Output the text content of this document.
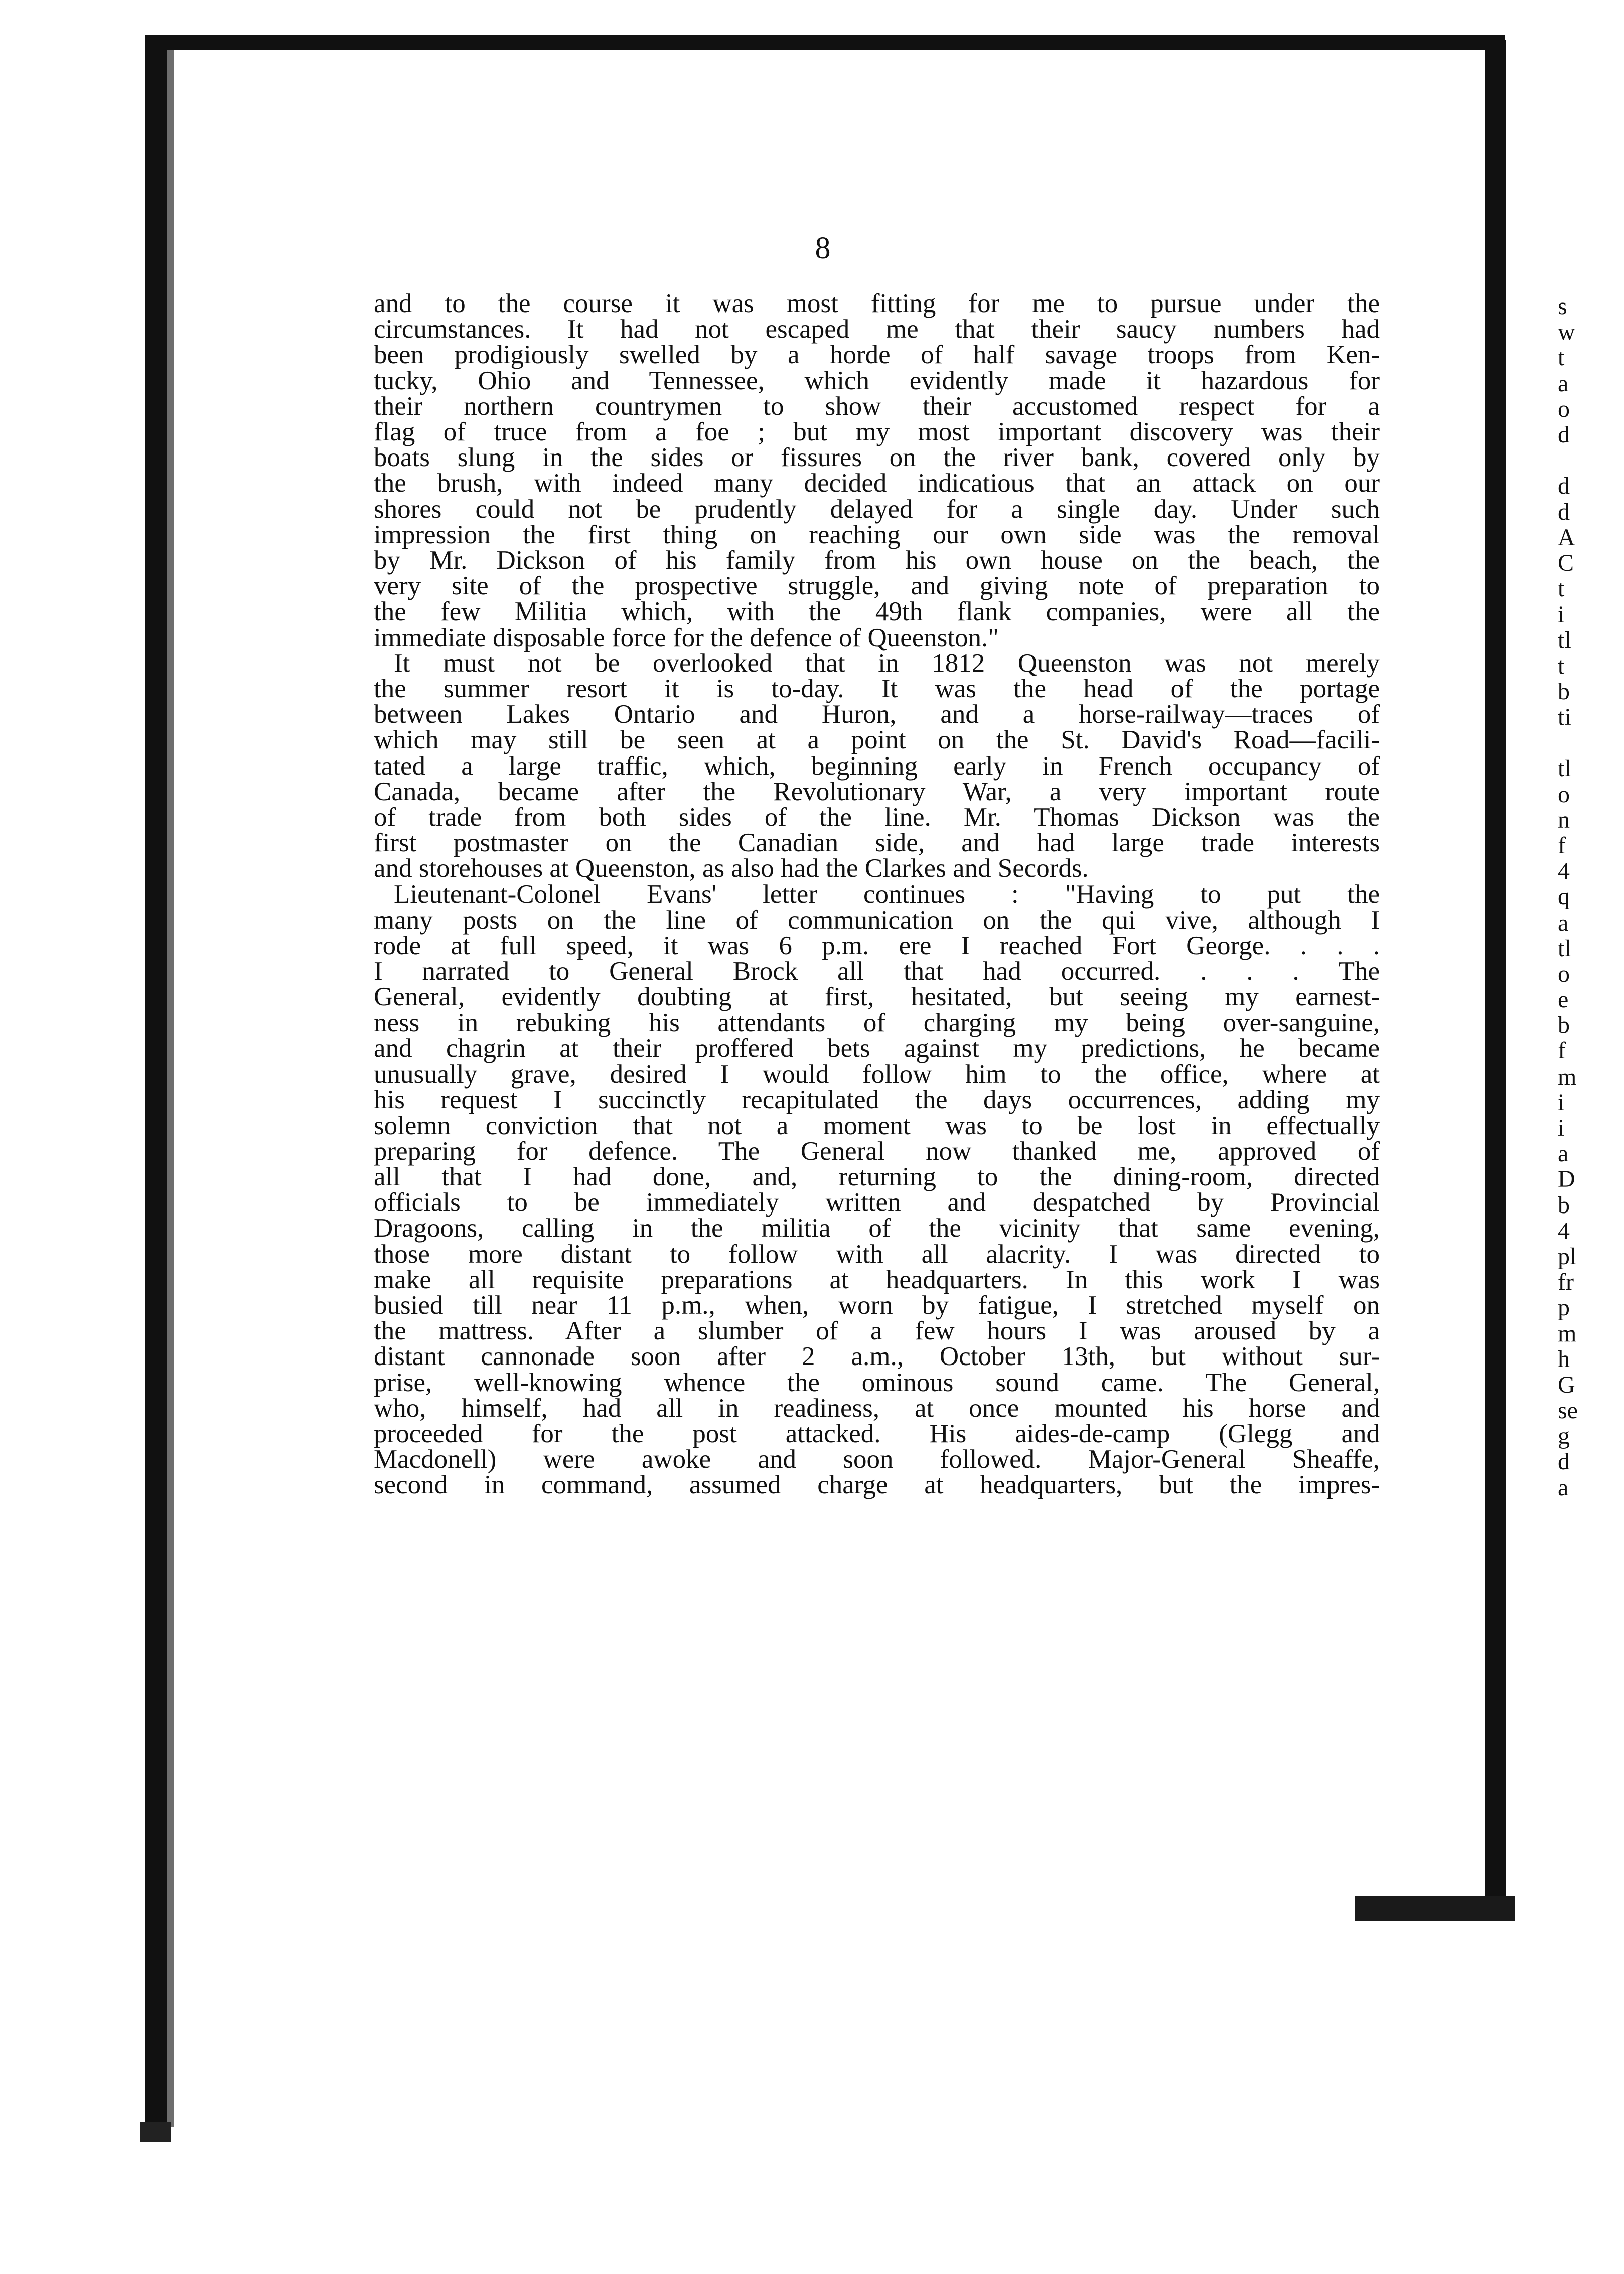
8
and to the course it was most fitting for me to pursue under the
circumstances. It had not escaped me that their saucy numbers had
been prodigiously swelled by a horde of half savage troops from Ken-
tucky, Ohio and Tennessee, which evidently made it hazardous for
their northern countrymen to show their accustomed respect for a
flag of truce from a foe ; but my most important discovery was their
boats slung in the sides or fissures on the river bank, covered only by
the brush, with indeed many decided indicatious that an attack on our
shores could not be prudently delayed for a single day. Under such
impression the first thing on reaching our own side was the removal
by Mr. Dickson of his family from his own house on the beach, the
very site of the prospective struggle, and giving note of preparation to
the few Militia which, with the 49th flank companies, were all the
immediate disposable force for the defence of Queenston."
It must not be overlooked that in 1812 Queenston was not merely
the summer resort it is to-day. It was the head of the portage
between Lakes Ontario and Huron, and a horse-railway—traces of
which may still be seen at a point on the St. David's Road—facili-
tated a large traffic, which, beginning early in French occupancy of
Canada, became after the Revolutionary War, a very important route
of trade from both sides of the line. Mr. Thomas Dickson was the
first postmaster on the Canadian side, and had large trade interests
and storehouses at Queenston, as also had the Clarkes and Secords.
Lieutenant-Colonel Evans' letter continues : "Having to put the
many posts on the line of communication on the qui vive, although I
rode at full speed, it was 6 p.m. ere I reached Fort George. . . .
I narrated to General Brock all that had occurred. . . . The
General, evidently doubting at first, hesitated, but seeing my earnest-
ness in rebuking his attendants of charging my being over-sanguine,
and chagrin at their proffered bets against my predictions, he became
unusually grave, desired I would follow him to the office, where at
his request I succinctly recapitulated the days occurrences, adding my
solemn conviction that not a moment was to be lost in effectually
preparing for defence. The General now thanked me, approved of
all that I had done, and, returning to the dining-room, directed
officials to be immediately written and despatched by Provincial
Dragoons, calling in the militia of the vicinity that same evening,
those more distant to follow with all alacrity. I was directed to
make all requisite preparations at headquarters. In this work I was
busied till near 11 p.m., when, worn by fatigue, I stretched myself on
the mattress. After a slumber of a few hours I was aroused by a
distant cannonade soon after 2 a.m., October 13th, but without sur-
prise, well-knowing whence the ominous sound came. The General,
who, himself, had all in readiness, at once mounted his horse and
proceeded for the post attacked. His aides-de-camp (Glegg and
Macdonell) were awoke and soon followed. Major-General Sheaffe,
second in command, assumed charge at headquarters, but the impres-
s
w
t
a
o
d
d
d
A
C
t
i
tl
t
b
ti
tl
o
n
f
4
q
a
tl
o
e
b
f
m
i
i
a
D
b
4
pl
fr
p
m
h
G
se
g
d
a
